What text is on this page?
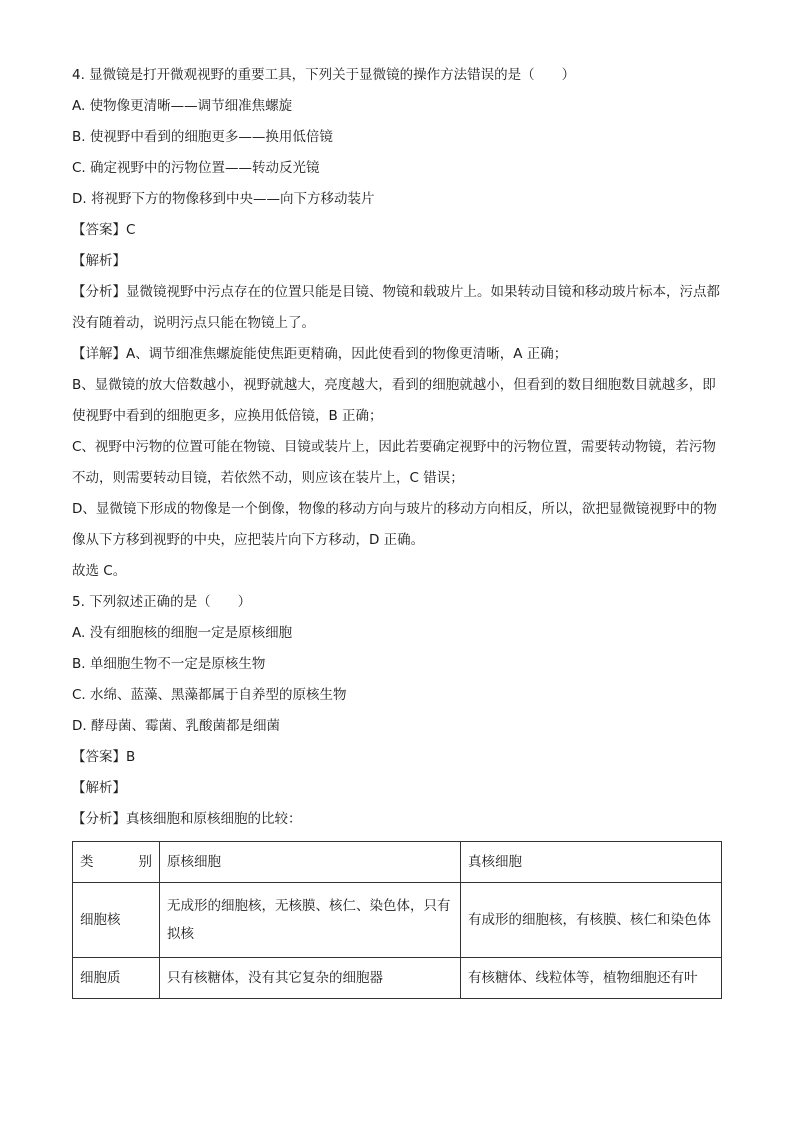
4. 显微镜是打开微观视野的重要工具，下列关于显微镜的操作方法错误的是（　　）
A. 使物像更清晰——调节细准焦螺旋
B. 使视野中看到的细胞更多——换用低倍镜
C. 确定视野中的污物位置——转动反光镜
D. 将视野下方的物像移到中央——向下方移动装片
【答案】C
【解析】
【分析】显微镜视野中污点存在的位置只能是目镜、物镜和载玻片上。如果转动目镜和移动玻片标本，污点都没有随着动，说明污点只能在物镜上了。
【详解】A、调节细准焦螺旋能使焦距更精确，因此使看到的物像更清晰，A 正确；
B、显微镜的放大倍数越小，视野就越大，亮度越大，看到的细胞就越小，但看到的数目细胞数目就越多，即使视野中看到的细胞更多，应换用低倍镜，B 正确；
C、视野中污物的位置可能在物镜、目镜或装片上，因此若要确定视野中的污物位置，需要转动物镜，若污物不动，则需要转动目镜，若依然不动，则应该在装片上，C 错误；
D、显微镜下形成的物像是一个倒像，物像的移动方向与玻片的移动方向相反，所以，欲把显微镜视野中的物像从下方移到视野的中央，应把装片向下方移动，D 正确。
故选 C。
5. 下列叙述正确的是（　　）
A. 没有细胞核的细胞一定是原核细胞
B. 单细胞生物不一定是原核生物
C. 水绵、蓝藻、黑藻都属于自养型的原核生物
D. 酵母菌、霉菌、乳酸菌都是细菌
【答案】B
【解析】
【分析】真核细胞和原核细胞的比较：
类　　别	原核细胞	真核细胞
细胞核	无成形的细胞核，无核膜、核仁、染色体，只有拟核	有成形的细胞核，有核膜、核仁和染色体
细胞质	只有核糖体，没有其它复杂的细胞器	有核糖体、线粒体等，植物细胞还有叶
